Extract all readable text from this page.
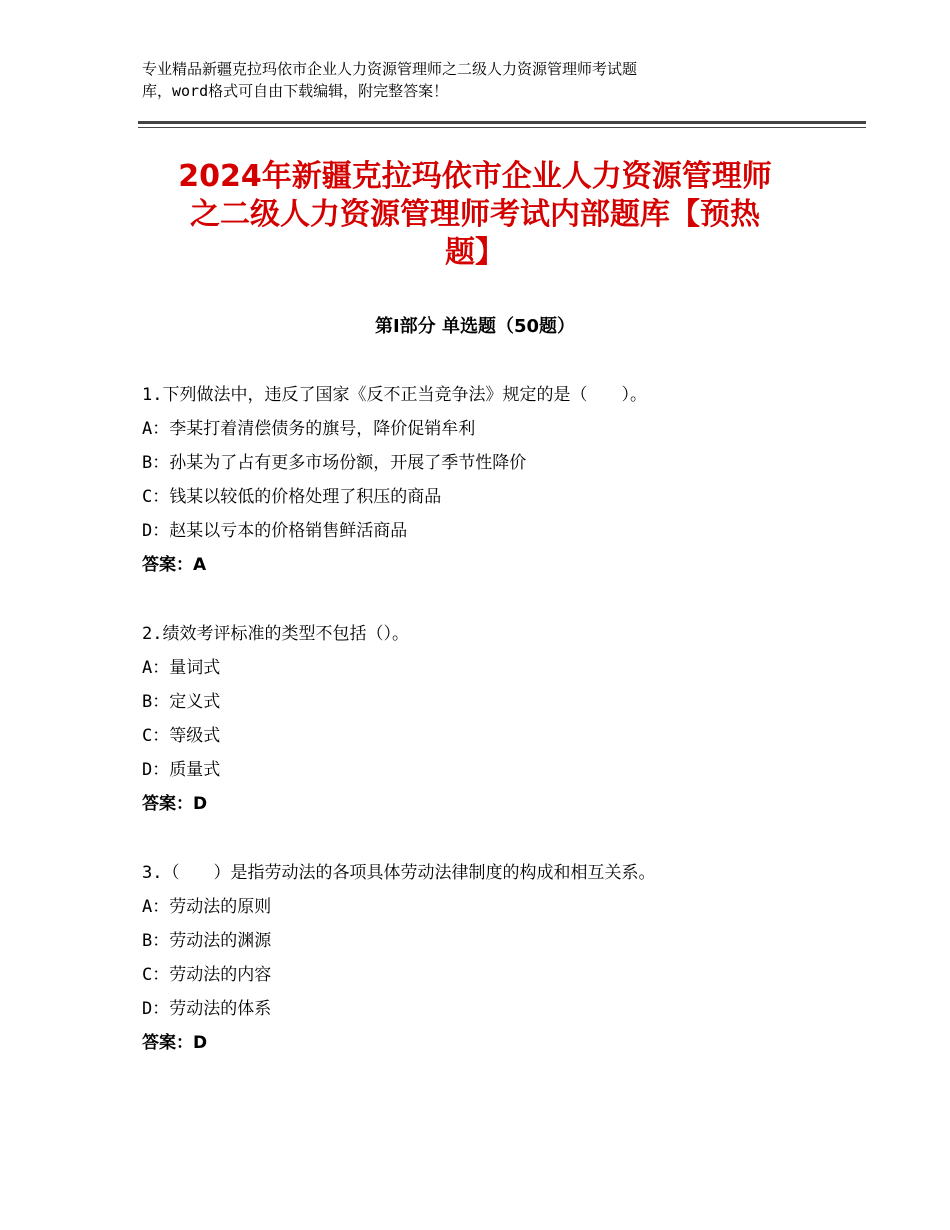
专业精品新疆克拉玛依市企业人力资源管理师之二级人力资源管理师考试题
库，word格式可自由下载编辑，附完整答案！
2024年新疆克拉玛依市企业人力资源管理师
之二级人力资源管理师考试内部题库【预热
题】
第Ⅰ部分 单选题（50题）
1.下列做法中，违反了国家《反不正当竞争法》规定的是（　　）。
A：李某打着清偿债务的旗号，降价促销牟利
B：孙某为了占有更多市场份额，开展了季节性降价
C：钱某以较低的价格处理了积压的商品
D：赵某以亏本的价格销售鲜活商品
答案：A
2.绩效考评标准的类型不包括（）。
A：量词式
B：定义式
C：等级式
D：质量式
答案：D
3.（　　）是指劳动法的各项具体劳动法律制度的构成和相互关系。
A：劳动法的原则
B：劳动法的渊源
C：劳动法的内容
D：劳动法的体系
答案：D
